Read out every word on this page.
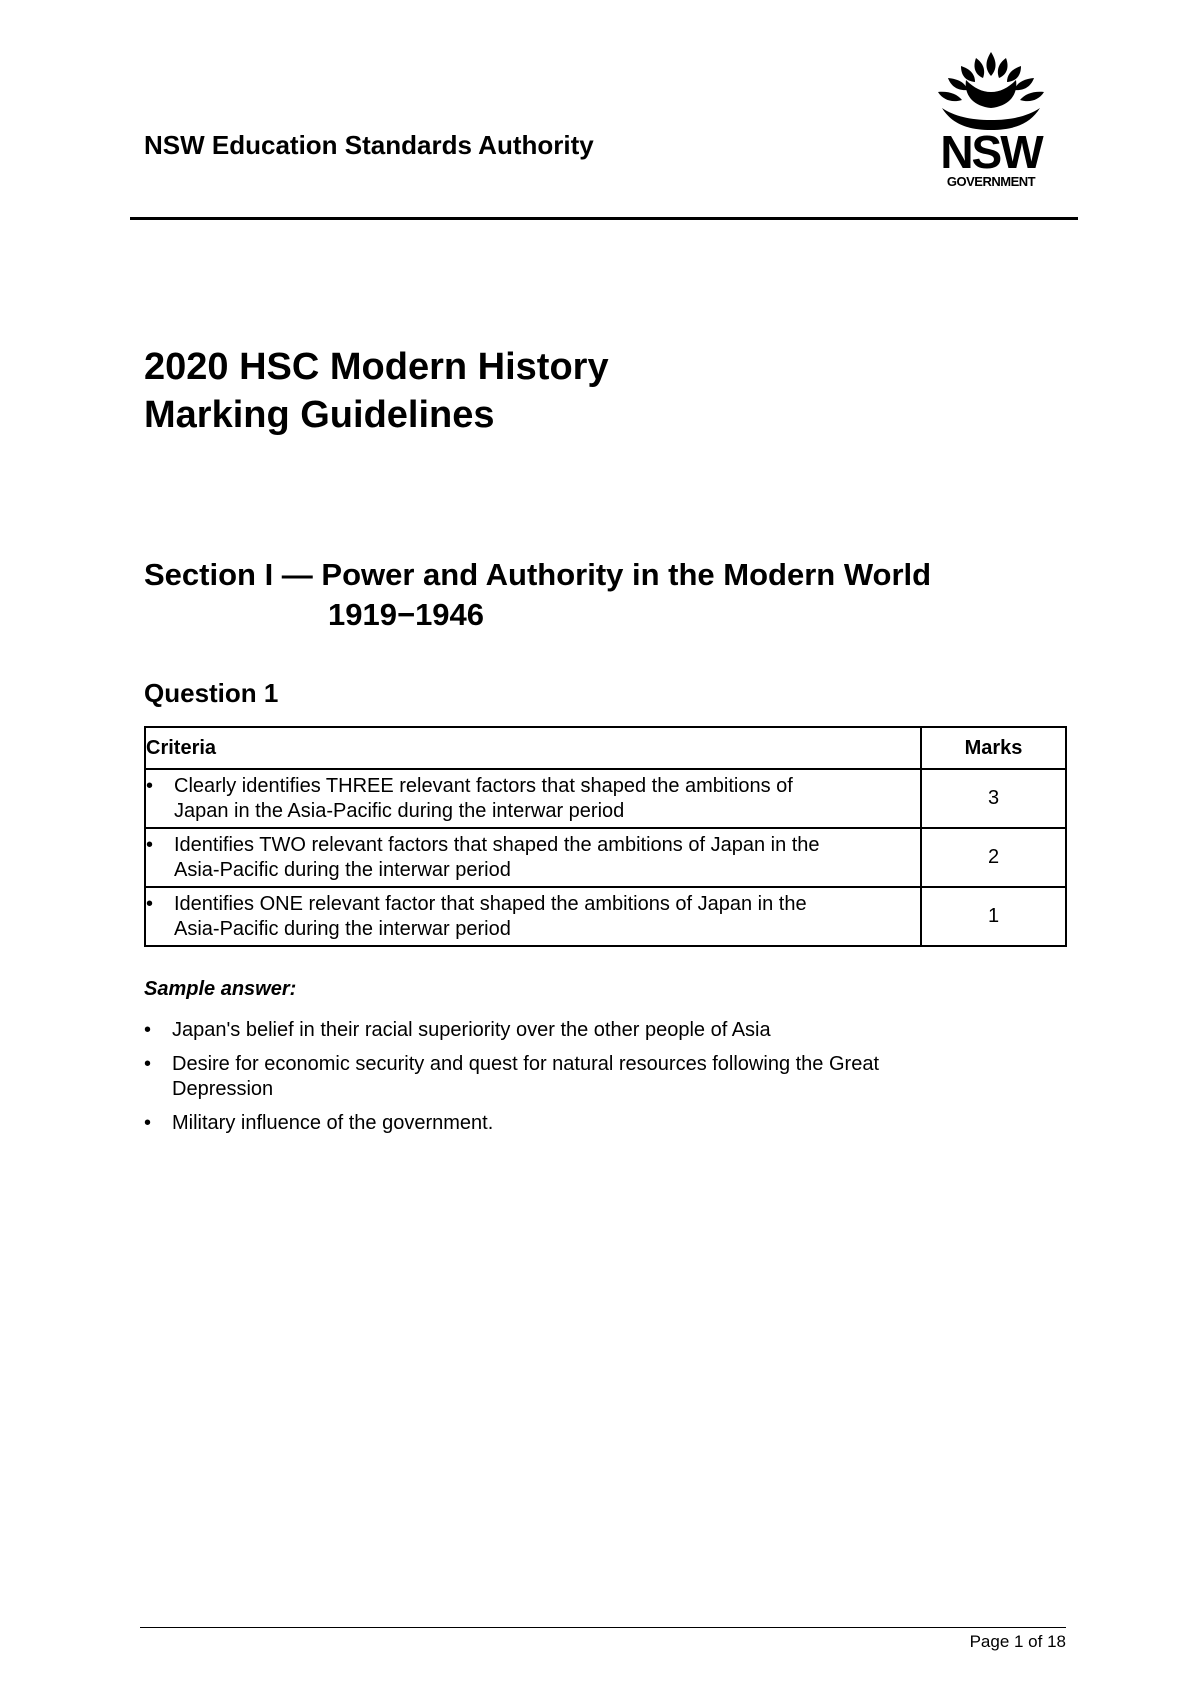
NSW Education Standards Authority	NSW
GOVERNMENT
2020 HSC Modern History
Marking Guidelines
Section I — Power and Authority in the Modern World
1919−1946
Question 1
Criteria	Marks

• Clearly identifies THREE relevant factors that shaped the ambitions of
Japan in the Asia-Pacific during the interwar period	3

• Identifies TWO relevant factors that shaped the ambitions of Japan in the
Asia-Pacific during the interwar period	2

• Identifies ONE relevant factor that shaped the ambitions of Japan in the
Asia-Pacific during the interwar period	1

Sample answer:

•	Japan's belief in their racial superiority over the other people of Asia
•	Desire for economic security and quest for natural resources following the Great Depression
•	Military influence of the government.

Page 1 of 18
